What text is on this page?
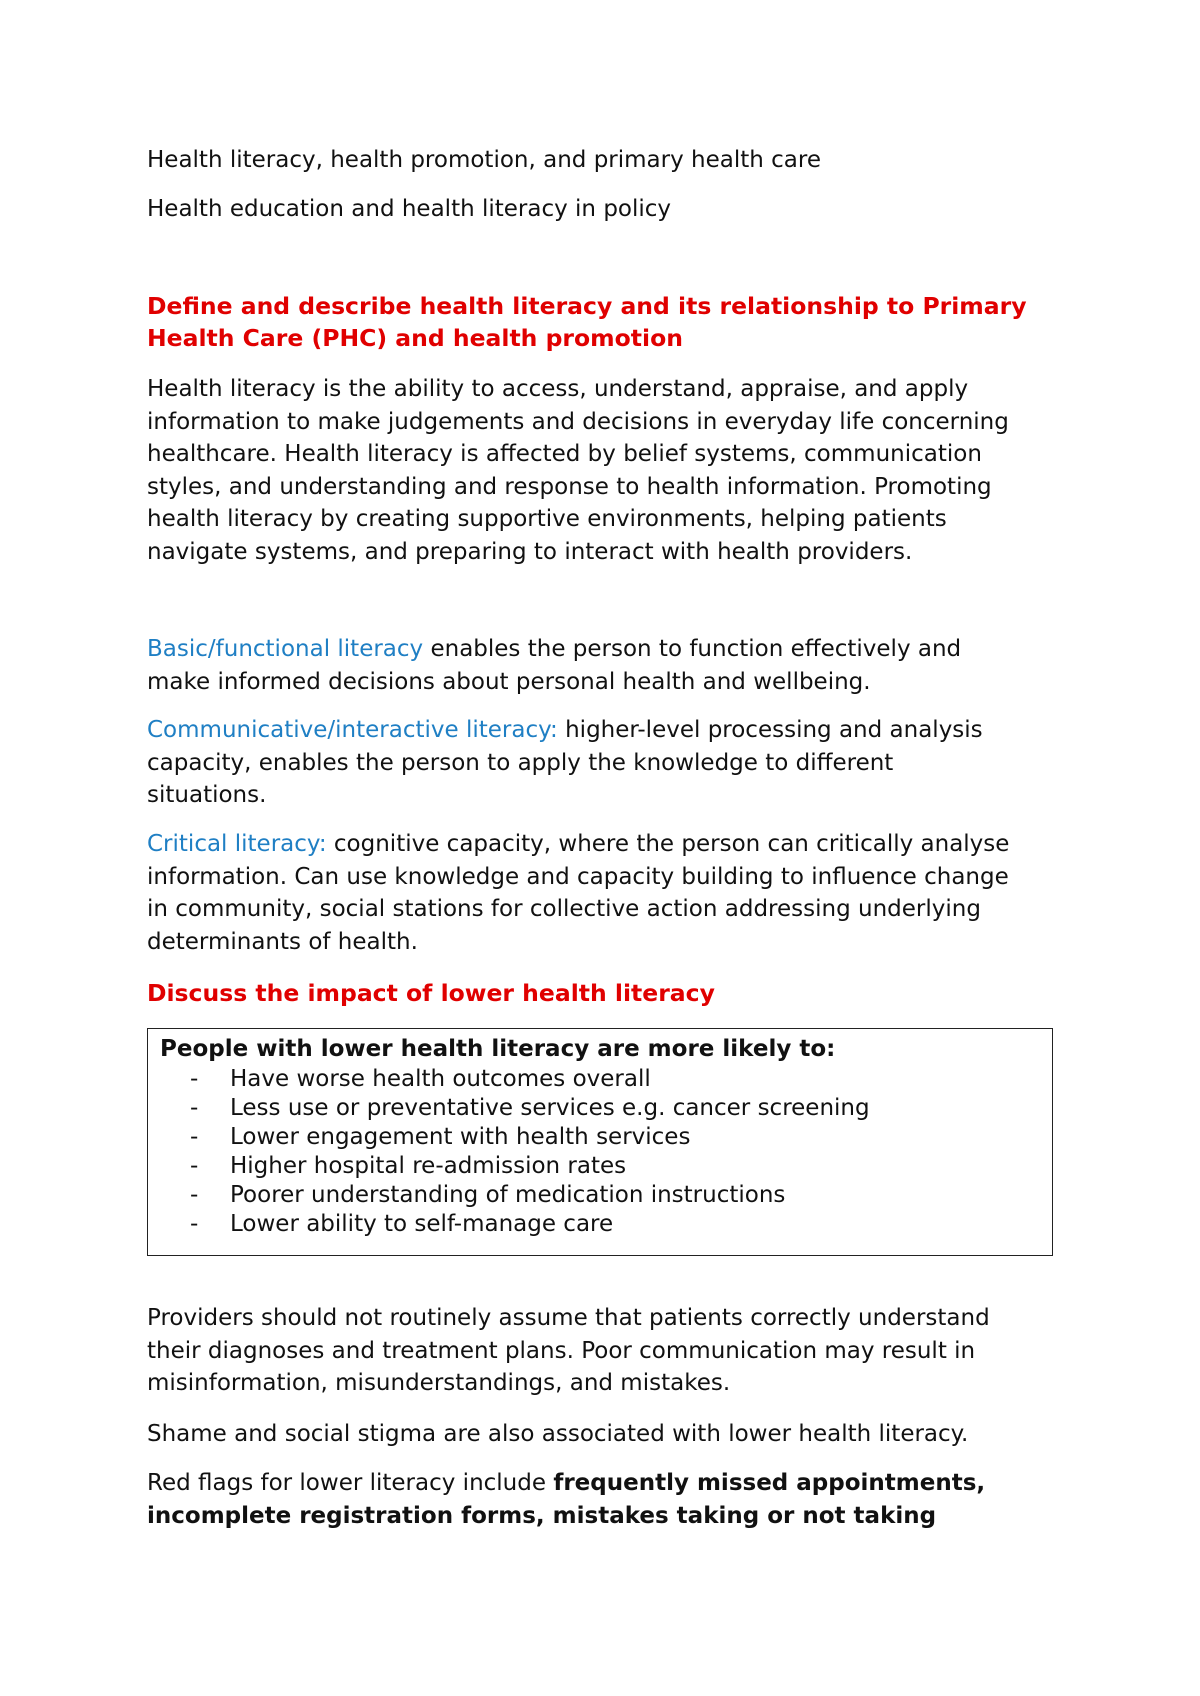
Health literacy, health promotion, and primary health care
Health education and health literacy in policy
Define and describe health literacy and its relationship to Primary
Health Care (PHC) and health promotion

Health literacy is the ability to access, understand, appraise, and apply

information to make judgements and decisions in everyday life concerning

healthcare. Health literacy is affected by belief systems, communication

styles, and understanding and response to health information. Promoting

health literacy by creating supportive environments, helping patients

navigate systems, and preparing to interact with health providers.

Basic/functional literacy enables the person to function effectively and

make informed decisions about personal health and wellbeing.

Communicative/interactive literacy: higher-level processing and analysis

capacity, enables the person to apply the knowledge to different

situations.

Critical literacy: cognitive capacity, where the person can critically analyse

information. Can use knowledge and capacity building to influence change

in community, social stations for collective action addressing underlying

determinants of health.

Discuss the impact of lower health literacy
People with lower health literacy are more likely to:
-	Have worse health outcomes overall
-	Less use or preventative services e.g. cancer screening
-	Lower engagement with health services
-	Higher hospital re-admission rates
-	Poorer understanding of medication instructions
-	Lower ability to self-manage care

Providers should not routinely assume that patients correctly understand

their diagnoses and treatment plans. Poor communication may result in

misinformation, misunderstandings, and mistakes.

Shame and social stigma are also associated with lower health literacy.

Red flags for lower literacy include frequently missed appointments,

incomplete registration forms, mistakes taking or not taking
